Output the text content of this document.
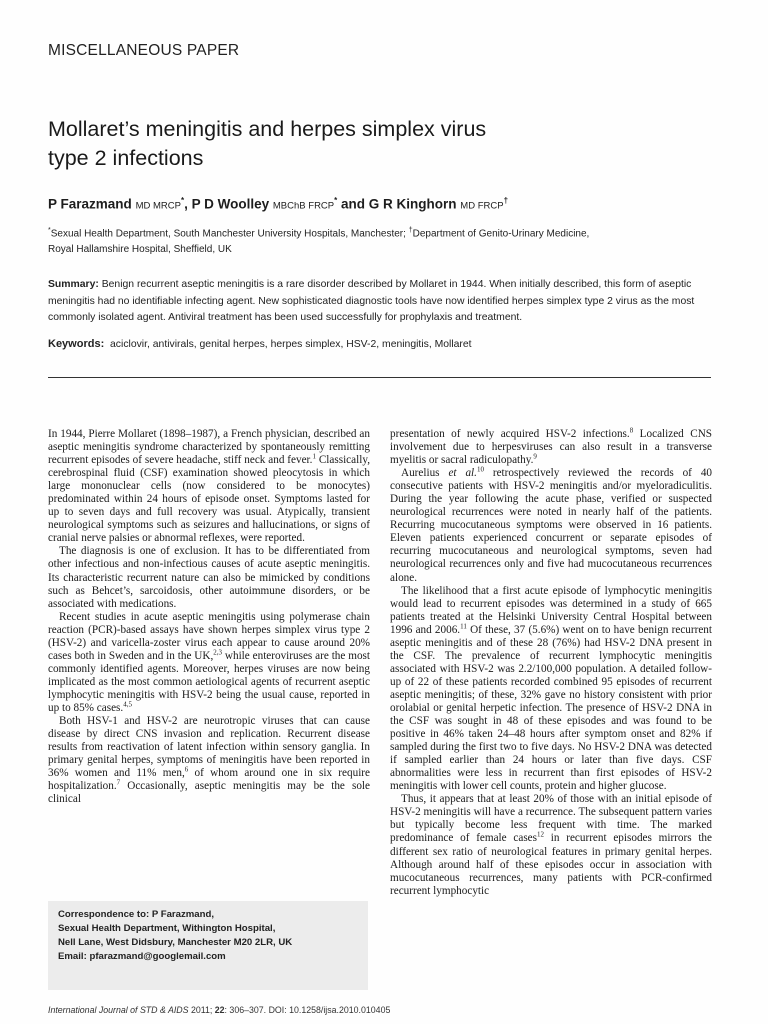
MISCELLANEOUS PAPER
Mollaret’s meningitis and herpes simplex virus
type 2 infections
P Farazmand MD MRCP*, P D Woolley MBChB FRCP* and G R Kinghorn MD FRCP†
*Sexual Health Department, South Manchester University Hospitals, Manchester; †Department of Genito-Urinary Medicine,
Royal Hallamshire Hospital, Sheffield, UK
Summary: Benign recurrent aseptic meningitis is a rare disorder described by Mollaret in 1944. When initially described, this form of aseptic meningitis had no identifiable infecting agent. New sophisticated diagnostic tools have now identified herpes simplex type 2 virus as the most commonly isolated agent. Antiviral treatment has been used successfully for prophylaxis and treatment.
Keywords: aciclovir, antivirals, genital herpes, herpes simplex, HSV-2, meningitis, Mollaret

In 1944, Pierre Mollaret (1898–1987), a French physician, described an aseptic meningitis syndrome characterized by spontaneously remitting recurrent episodes of severe headache, stiff neck and fever.$^1$ Classically, cerebrospinal fluid (CSF) examination showed pleocytosis in which large mononuclear cells (now considered to be monocytes) predominated within 24 hours of episode onset. Symptoms lasted for up to seven days and full recovery was usual. Atypically, transient neurological symptoms such as seizures and hallucinations, or signs of cranial nerve palsies or abnormal reflexes, were reported.

The diagnosis is one of exclusion. It has to be differentiated from other infectious and non-infectious causes of acute aseptic meningitis. Its characteristic recurrent nature can also be mimicked by conditions such as Behcet’s, sarcoidosis, other autoimmune disorders, or be associated with medications.

Recent studies in acute aseptic meningitis using polymerase chain reaction (PCR)-based assays have shown herpes simplex virus type 2 (HSV-2) and varicella-zoster virus each appear to cause around 20% cases both in Sweden and in the UK,$^{2,3}$ while enteroviruses are the most commonly identified agents. Moreover, herpes viruses are now being implicated as the most common aetiological agents of recurrent aseptic lymphocytic meningitis with HSV-2 being the usual cause, reported in up to 85% cases.$^{4,5}$

Both HSV-1 and HSV-2 are neurotropic viruses that can cause disease by direct CNS invasion and replication. Recurrent disease results from reactivation of latent infection within sensory ganglia. In primary genital herpes, symptoms of meningitis have been reported in 36% women and 11% men,$^6$ of whom around one in six require hospitalization.$^7$ Occasionally, aseptic meningitis may be the sole clinical

presentation of newly acquired HSV-2 infections.$^8$ Localized CNS involvement due to herpesviruses can also result in a transverse myelitis or sacral radiculopathy.$^9$

Aurelius et al.$^{10}$ retrospectively reviewed the records of 40 consecutive patients with HSV-2 meningitis and/or myeloradiculitis. During the year following the acute phase, verified or suspected neurological recurrences were noted in nearly half of the patients. Recurring mucocutaneous symptoms were observed in 16 patients. Eleven patients experienced concurrent or separate episodes of recurring mucocutaneous and neurological symptoms, seven had neurological recurrences only and five had mucocutaneous recurrences alone.

The likelihood that a first acute episode of lymphocytic meningitis would lead to recurrent episodes was determined in a study of 665 patients treated at the Helsinki University Central Hospital between 1996 and 2006.11 Of these, 37 (5.6%) went on to have benign recurrent aseptic meningitis and of these 28 (76%) had HSV-2 DNA present in the CSF. The prevalence of recurrent lymphocytic meningitis associated with HSV-2 was 2.2/100,000 population. A detailed follow-up of 22 of these patients recorded combined 95 episodes of recurrent aseptic meningitis; of these, 32% gave no history consistent with prior orolabial or genital herpetic infection. The presence of HSV-2 DNA in the CSF was sought in 48 of these episodes and was found to be positive in 46% taken 24–48 hours after symptom onset and 82% if sampled during the first two to five days. No HSV-2 DNA was detected if sampled earlier than 24 hours or later than five days. CSF abnormalities were less in recurrent than first episodes of HSV-2 meningitis with lower cell counts, protein and higher glucose.

Thus, it appears that at least 20% of those with an initial episode of HSV-2 meningitis will have a recurrence. The subsequent pattern varies but typically become less frequent with time. The marked predominance of female cases$^{12}$ in recurrent episodes mirrors the different sex ratio of neurological features in primary genital herpes. Although around half of these episodes occur in association with mucocutaneous recurrences, many patients with PCR-confirmed recurrent lymphocytic

Correspondence to: P Farazmand,
Sexual Health Department, Withington Hospital,
Nell Lane, West Didsbury, Manchester M20 2LR, UK
Email: pfarazmand@googlemail.com
International Journal of STD & AIDS 2011; 22: 306–307. DOI: 10.1258/ijsa.2010.010405
